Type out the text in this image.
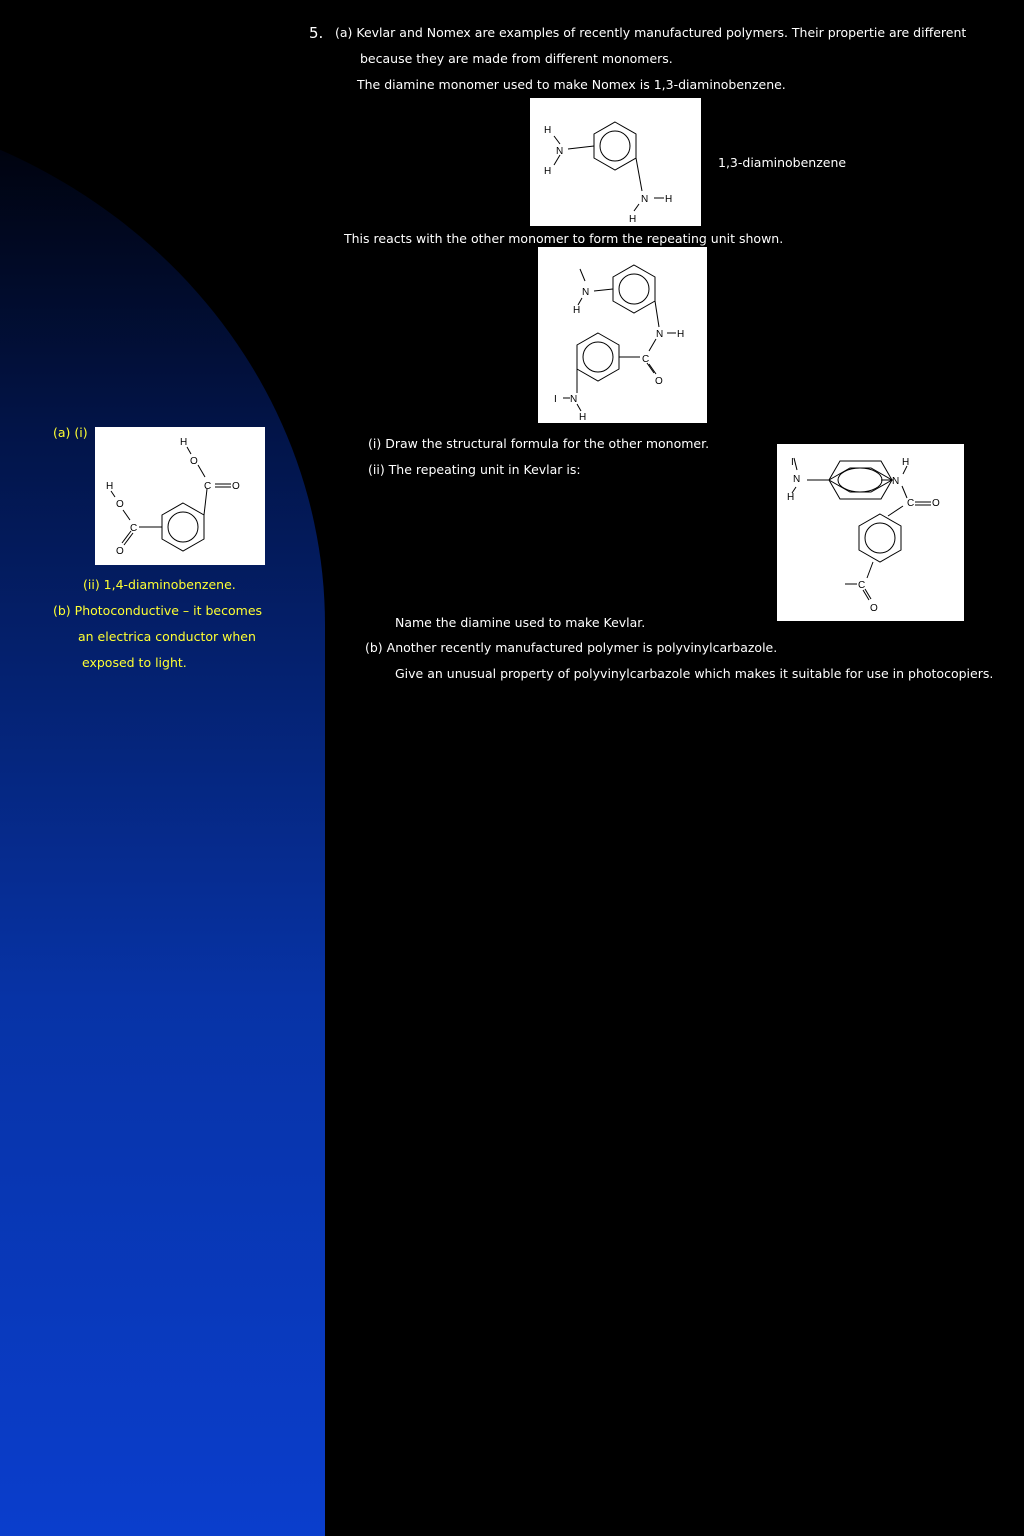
5. (a) Kevlar and Nomex are examples of recently manufactured polymers. Their propertie are different
because they are made from different monomers.
The diamine monomer used to make Nomex is 1,3-diaminobenzene.
H
N
H
N H
H
1,3-diaminobenzene
This reacts with the other monomer to form the repeating unit shown.
N
H
N H
C
O
I N
H
(i) Draw the structural formula for the other monomer.
(ii) The repeating unit in Kevlar is:	I
N
H
H
N
C O
C
O
Name the diamine used to make Kevlar.
(b) Another recently manufactured polymer is polyvinylcarbazole.
Give an unusual property of polyvinylcarbazole which makes it suitable for use in photocopiers.
(a) (i)
H
O
C O
H
O
C
O
(ii) 1,4-diaminobenzene.
(b) Photoconductive – it becomes
an electrica conductor when
exposed to light.
